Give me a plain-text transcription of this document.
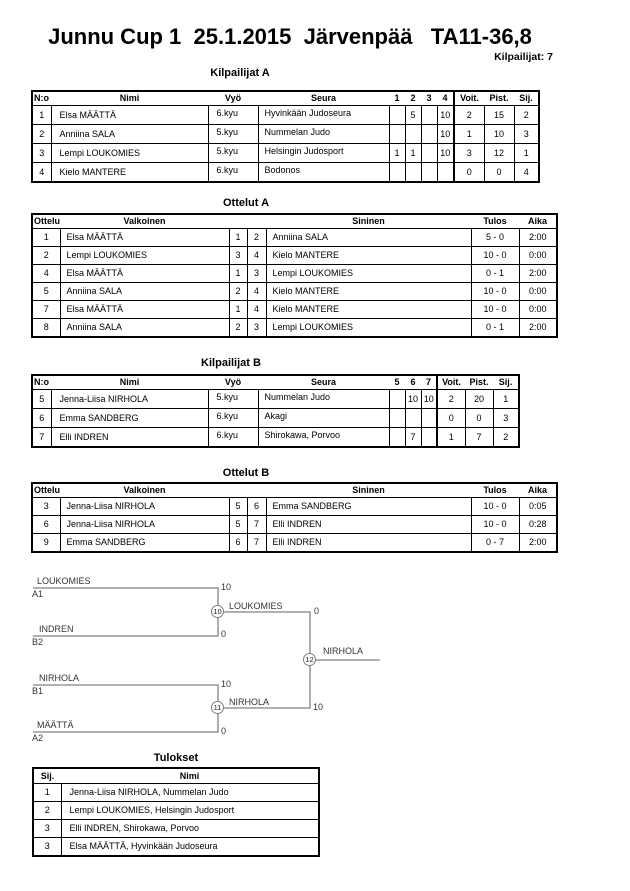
Junnu Cup 1  25.1.2015  Järvenpää   TA11-36,8
Kilpailijat: 7
Kilpailijat A
N:o	Nimi	Vyö	Seura	1	2	3	4	Voit.	Pist.	Sij.
1	Elsa MÄÄTTÄ	6.kyu	Hyvinkään Judoseura		5		10	2	15	2
2	Anniina SALA	5.kyu	Nummelan Judo				10	1	10	3
3	Lempi LOUKOMIES	5.kyu	Helsingin Judosport	1	1		10	3	12	1
4	Kielo MANTERE	6.kyu	Bodonos					0	0	4
Ottelut A
Ottelu	Valkoinen			Sininen	Tulos	Aika
1	Elsa MÄÄTTÄ	1	2	Anniina SALA	5 - 0	2:00
2	Lempi LOUKOMIES	3	4	Kielo MANTERE	10 - 0	0:00
4	Elsa MÄÄTTÄ	1	3	Lempi LOUKOMIES	0 - 1	2:00
5	Anniina SALA	2	4	Kielo MANTERE	10 - 0	0:00
7	Elsa MÄÄTTÄ	1	4	Kielo MANTERE	10 - 0	0:00
8	Anniina SALA	2	3	Lempi LOUKOMIES	0 - 1	2:00
Kilpailijat B
N:o	Nimi	Vyö	Seura	5	6	7	Voit.	Pist.	Sij.
5	Jenna-Liisa NIRHOLA	5.kyu	Nummelan Judo		10	10	2	20	1
6	Emma SANDBERG	6.kyu	Akagi				0	0	3
7	Elli INDREN	6.kyu	Shirokawa, Porvoo		7		1	7	2
Ottelut B
Ottelu	Valkoinen			Sininen	Tulos	Aika
3	Jenna-Liisa NIRHOLA	5	6	Emma SANDBERG	10 - 0	0:05
6	Jenna-Liisa NIRHOLA	5	7	Elli INDREN	10 - 0	0:28
9	Emma SANDBERG	6	7	Elli INDREN	0 - 7	2:00
LOUKOMIES
A1
10
INDREN
B2
0
10
LOUKOMIES	0
NIRHOLA
B1
10
MÄÄTTÄ
A2
0
11
NIRHOLA	10
12
NIRHOLA
Tulokset
Sij.	Nimi
1	Jenna-Liisa NIRHOLA, Nummelan Judo
2	Lempi LOUKOMIES, Helsingin Judosport
3	Elli INDREN, Shirokawa, Porvoo
3	Elsa MÄÄTTÄ, Hyvinkään Judoseura
